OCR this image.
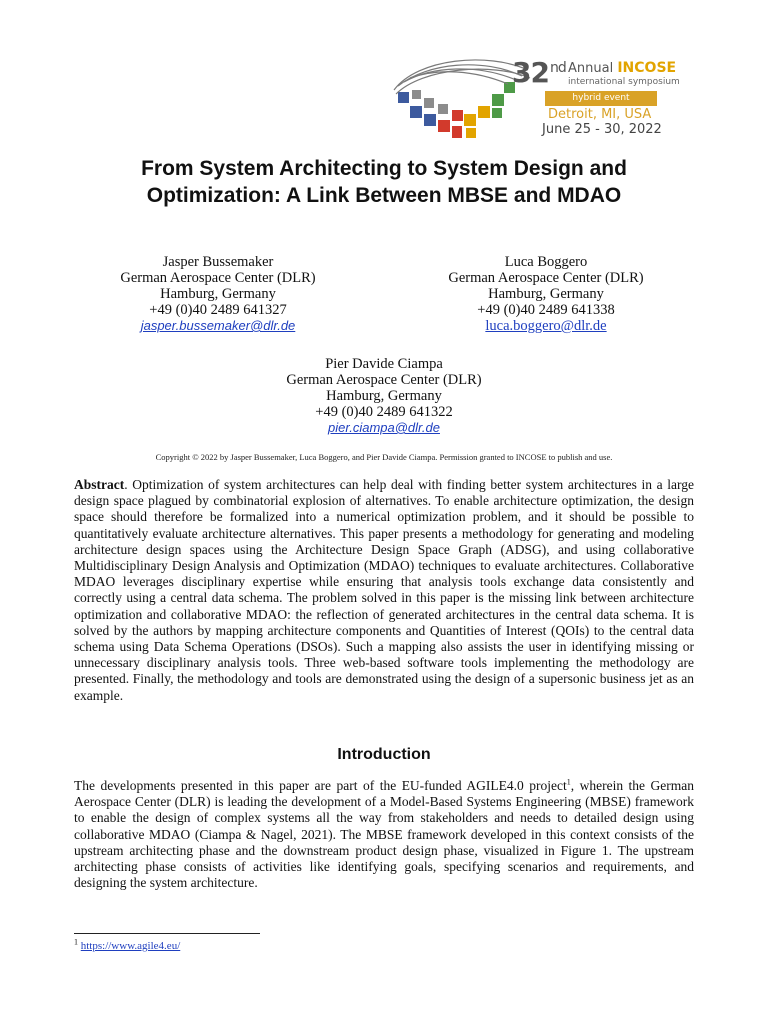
32nd Annual INCOSE
international symposium
hybrid event
Detroit, MI, USA
June 25 - 30, 2022
From System Architecting to System Design and
Optimization: A Link Between MBSE and MDAO
Jasper Bussemaker
German Aerospace Center (DLR)
Hamburg, Germany
+49 (0)40 2489 641327
jasper.bussemaker@dlr.de
Luca Boggero
German Aerospace Center (DLR)
Hamburg, Germany
+49 (0)40 2489 641338
luca.boggero@dlr.de
Pier Davide Ciampa
German Aerospace Center (DLR)
Hamburg, Germany
+49 (0)40 2489 641322
pier.ciampa@dlr.de
Copyright © 2022 by Jasper Bussemaker, Luca Boggero, and Pier Davide Ciampa. Permission granted to INCOSE to publish and use.
Abstract. Optimization of system architectures can help deal with finding better system architectures in a large design space plagued by combinatorial explosion of alternatives. To enable architecture optimization, the design space should therefore be formalized into a numerical optimization problem, and it should be possible to quantitatively evaluate architecture alternatives. This paper presents a methodology for generating and modeling architecture design spaces using the Architecture Design Space Graph (ADSG), and using collaborative Multidisciplinary Design Analysis and Optimization (MDAO) techniques to evaluate architectures. Collaborative MDAO leverages disciplinary expertise while ensuring that analysis tools exchange data consistently and correctly using a central data schema. The problem solved in this paper is the missing link between architecture optimization and collaborative MDAO: the reflection of generated architectures in the central data schema. It is solved by the authors by mapping architecture components and Quantities of Interest (QOIs) to the central data schema using Data Schema Operations (DSOs). Such a mapping also assists the user in identifying missing or unnecessary disciplinary analysis tools. Three web-based software tools implementing the methodology are presented. Finally, the methodology and tools are demonstrated using the design of a supersonic business jet as an example.
Introduction
The developments presented in this paper are part of the EU-funded AGILE4.0 project$^1$, wherein the German Aerospace Center (DLR) is leading the development of a Model-Based Systems Engineering (MBSE) framework to enable the design of complex systems all the way from stakeholders and needs to detailed design using collaborative MDAO (Ciampa & Nagel, 2021). The MBSE framework developed in this context consists of the upstream architecting phase and the downstream product design phase, visualized in Figure 1. The upstream architecting phase consists of activities like identifying goals, specifying scenarios and requirements, and designing the system architecture.
$^1$ https://www.agile4.eu/
